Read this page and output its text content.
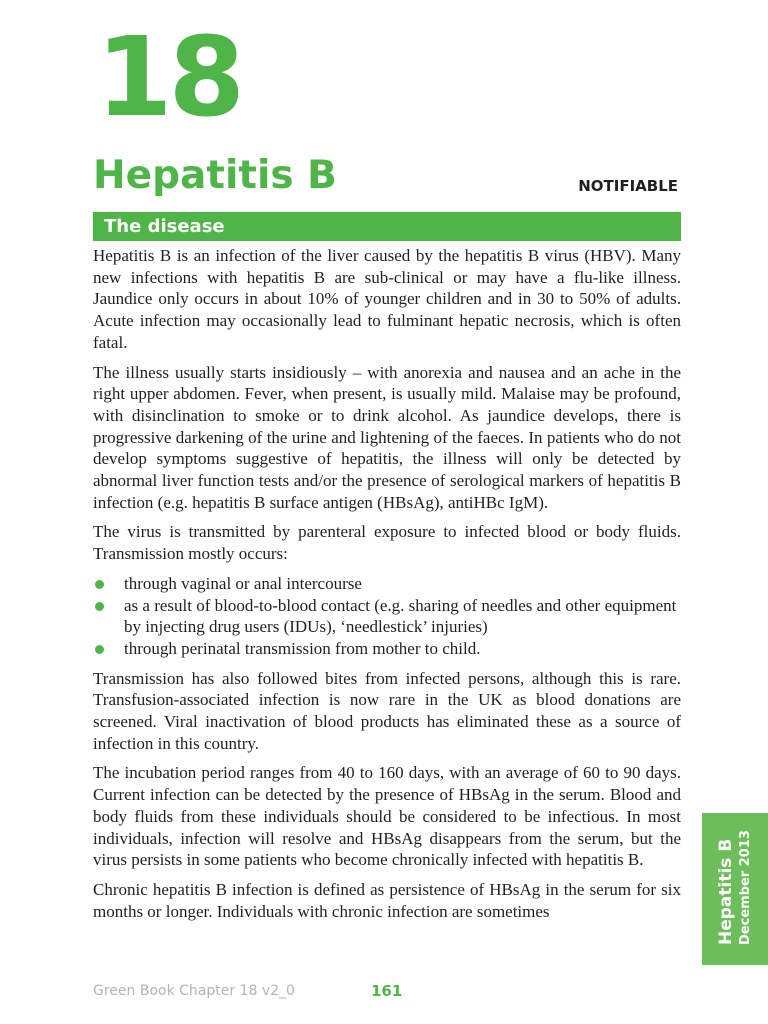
18
Hepatitis B	NOTIFIABLE
The disease

Hepatitis B is an infection of the liver caused by the hepatitis B virus (HBV). Many new infections with hepatitis B are sub-clinical or may have a flu-like illness. Jaundice only occurs in about 10% of younger children and in 30 to 50% of adults. Acute infection may occasionally lead to fulminant hepatic necrosis, which is often fatal.

The illness usually starts insidiously – with anorexia and nausea and an ache in the right upper abdomen. Fever, when present, is usually mild. Malaise may be profound, with disinclination to smoke or to drink alcohol. As jaundice develops, there is progressive darkening of the urine and lightening of the faeces. In patients who do not develop symptoms suggestive of hepatitis, the illness will only be detected by abnormal liver function tests and/or the presence of serological markers of hepatitis B infection (e.g. hepatitis B surface antigen (HBsAg), antiHBc IgM).

The virus is transmitted by parenteral exposure to infected blood or body fluids. Transmission mostly occurs:

through vaginal or anal intercourse
as a result of blood-to-blood contact (e.g. sharing of needles and other equipment by injecting drug users (IDUs), ‘needlestick’ injuries)
through perinatal transmission from mother to child.

Transmission has also followed bites from infected persons, although this is rare. Transfusion-associated infection is now rare in the UK as blood donations are screened. Viral inactivation of blood products has eliminated these as a source of infection in this country.

The incubation period ranges from 40 to 160 days, with an average of 60 to 90 days. Current infection can be detected by the presence of HBsAg in the serum. Blood and body fluids from these individuals should be considered to be infectious. In most individuals, infection will resolve and HBsAg disappears from the serum, but the virus persists in some patients who become chronically infected with hepatitis B.

Chronic hepatitis B infection is defined as persistence of HBsAg in the serum for six months or longer. Individuals with chronic infection are sometimes	Hepatitis B December 2013
Green Book Chapter 18 v2_0	161
